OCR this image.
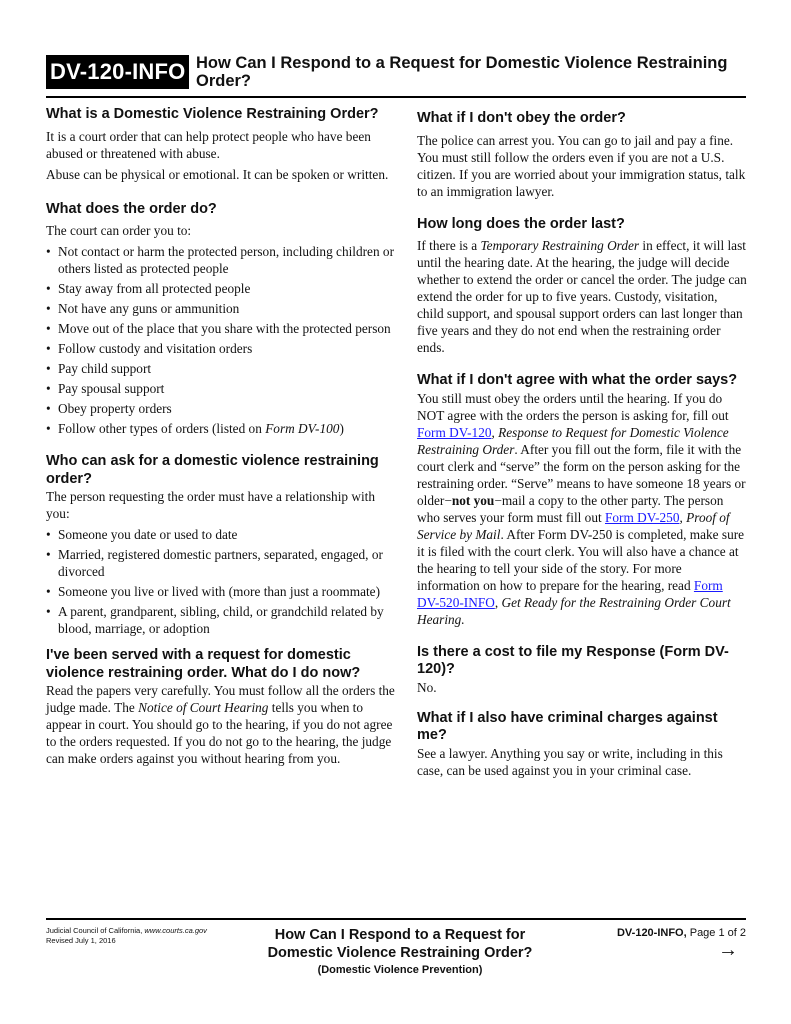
DV-120-INFO How Can I Respond to a Request for Domestic Violence Restraining Order?
What is a Domestic Violence Restraining Order?

It is a court order that can help protect people who have been abused or threatened with abuse.

Abuse can be physical or emotional. It can be spoken or written.

What does the order do?

The court can order you to:

• Not contact or harm the protected person, including children or others listed as protected people
• Stay away from all protected people
• Not have any guns or ammunition
• Move out of the place that you share with the protected person
• Follow custody and visitation orders
• Pay child support
• Pay spousal support
• Obey property orders
• Follow other types of orders (listed on Form DV-100)
Who can ask for a domestic violence restraining order?

The person requesting the order must have a relationship with you:

• Someone you date or used to date
• Married, registered domestic partners, separated, engaged, or divorced
• Someone you live or lived with (more than just a roommate)
• A parent, grandparent, sibling, child, or grandchild related by blood, marriage, or adoption
I've been served with a request for domestic violence restraining order. What do I do now?

Read the papers very carefully. You must follow all the orders the judge made. The Notice of Court Hearing tells you when to appear in court. You should go to the hearing, if you do not agree to the orders requested. If you do not go to the hearing, the judge can make orders against you without hearing from you.

What if I don't obey the order?

The police can arrest you. You can go to jail and pay a fine. You must still follow the orders even if you are not a U.S. citizen. If you are worried about your immigration status, talk to an immigration lawyer.

How long does the order last?

If there is a Temporary Restraining Order in effect, it will last until the hearing date. At the hearing, the judge will decide whether to extend the order or cancel the order. The judge can extend the order for up to five years. Custody, visitation, child support, and spousal support orders can last longer than five years and they do not end when the restraining order ends.

What if I don't agree with what the order says?

You still must obey the orders until the hearing. If you do NOT agree with the orders the person is asking for, fill out Form DV-120, Response to Request for Domestic Violence Restraining Order. After you fill out the form, file it with the court clerk and “serve” the form on the person asking for the restraining order. “Serve” means to have someone 18 years or older−not you−mail a copy to the other party. The person who serves your form must fill out Form DV-250, Proof of Service by Mail. After Form DV-250 is completed, make sure it is filed with the court clerk. You will also have a chance at the hearing to tell your side of the story. For more information on how to prepare for the hearing, read Form DV-520-INFO, Get Ready for the Restraining Order Court Hearing.

Is there a cost to file my Response (Form DV-120)?

No.

What if I also have criminal charges against me?

See a lawyer. Anything you say or write, including in this case, can be used against you in your criminal case.

Judicial Council of California, www.courts.ca.gov
Revised July 1, 2016	How Can I Respond to a Request for
Domestic Violence Restraining Order?
(Domestic Violence Prevention)
DV-120-INFO, Page 1 of 2
→
